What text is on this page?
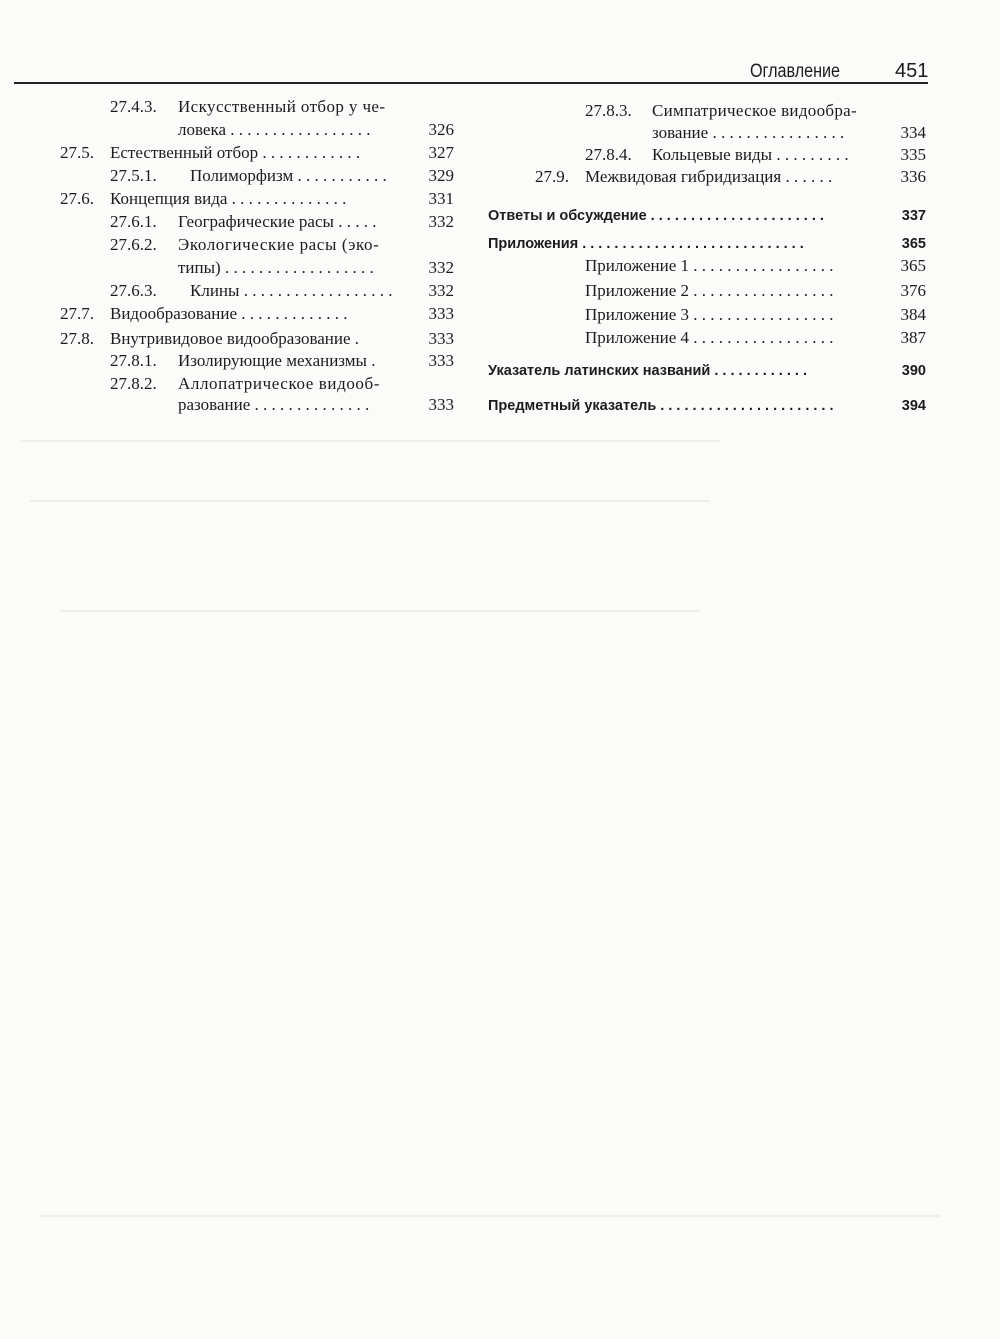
Оглавление	451
27.4.3. Искусственный отбор у че-
ловека . . . . . . . . . . . . . . . . .	326
27.5. Естественный отбор . . . . . . . . . . . .	327
27.5.1. Полиморфизм . . . . . . . . . . .	329
27.6. Концепция вида . . . . . . . . . . . . . .	331
27.6.1. Географические расы . . . . .	332
27.6.2. Экологические расы (эко-
типы) . . . . . . . . . . . . . . . . . .	332
27.6.3. Клины . . . . . . . . . . . . . . . . . .	332
27.7. Видообразование . . . . . . . . . . . . .	333
27.8. Внутривидовое видообразование .	333
27.8.1. Изолирующие механизмы .	333
27.8.2. Аллопатрическое видооб-
разование . . . . . . . . . . . . . .	333
27.8.3. Симпатрическое видообра-
зование . . . . . . . . . . . . . . . .	334
27.8.4. Кольцевые виды . . . . . . . . .	335
27.9. Межвидовая гибридизация . . . . . .	336
Ответы и обсуждение . . . . . . . . . . . . . . . . . . . . . .	337
Приложения . . . . . . . . . . . . . . . . . . . . . . . . . . . .	365
Приложение 1 . . . . . . . . . . . . . . . . .	365
Приложение 2 . . . . . . . . . . . . . . . . .	376
Приложение 3 . . . . . . . . . . . . . . . . .	384
Приложение 4 . . . . . . . . . . . . . . . . .	387
Указатель латинских названий . . . . . . . . . . . .	390
Предметный указатель . . . . . . . . . . . . . . . . . . . . . .	394
